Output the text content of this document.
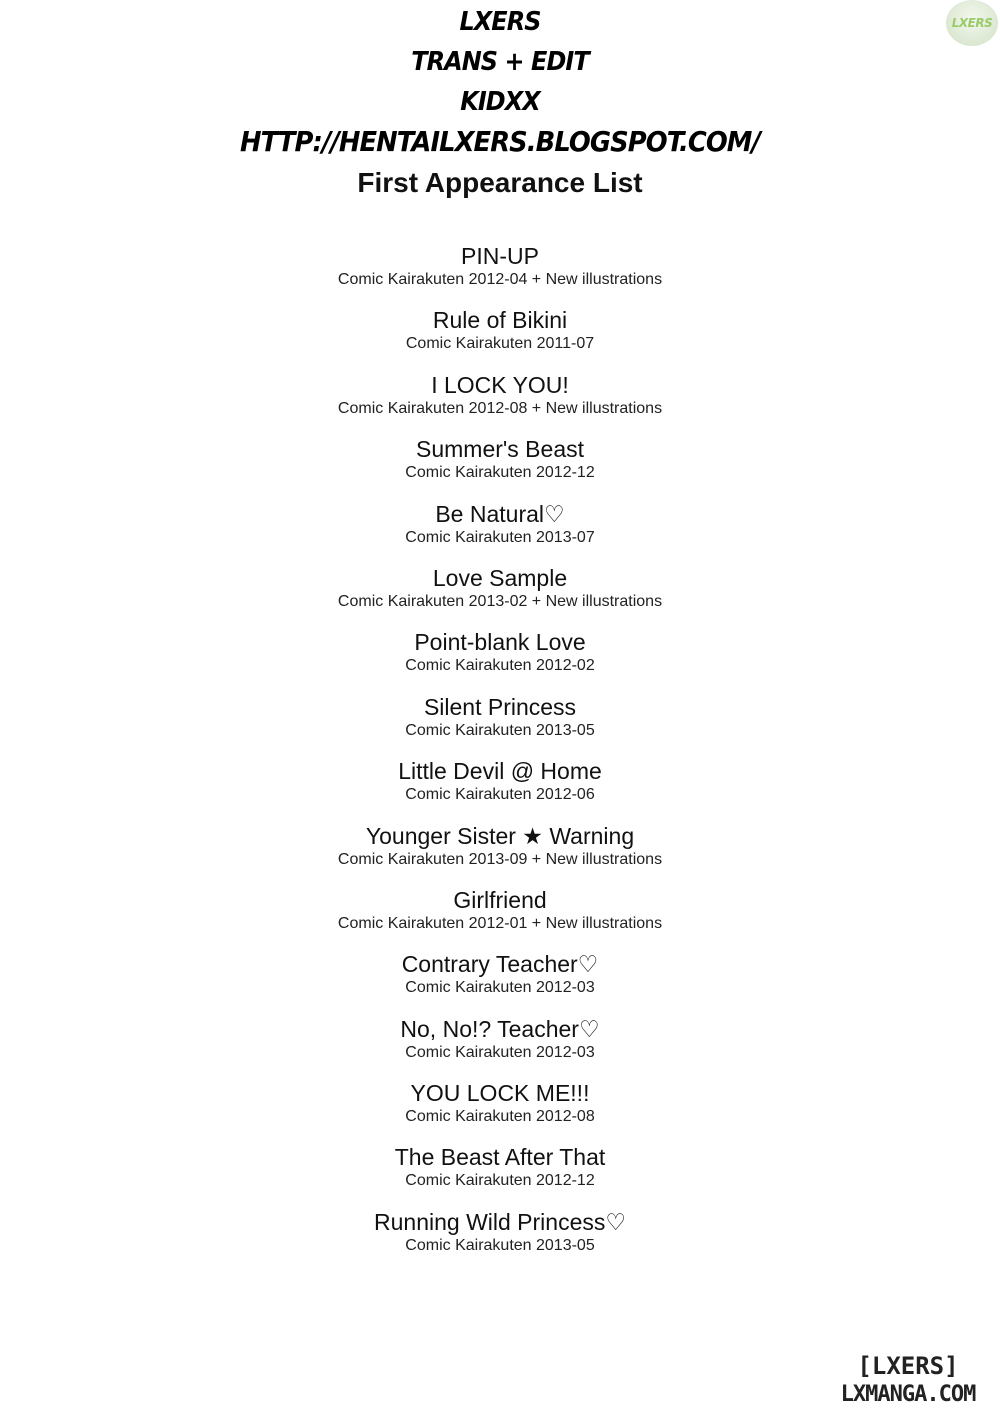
LXERS
LXERS
TRANS + EDIT
KIDXX
HTTP://HENTAILXERS.BLOGSPOT.COM/
First Appearance List
PIN-UP
Comic Kairakuten 2012-04 + New illustrations
Rule of Bikini
Comic Kairakuten 2011-07
I LOCK YOU!
Comic Kairakuten 2012-08 + New illustrations
Summer's Beast
Comic Kairakuten 2012-12
Be Natural♡
Comic Kairakuten 2013-07
Love Sample
Comic Kairakuten 2013-02 + New illustrations
Point-blank Love
Comic Kairakuten 2012-02
Silent Princess
Comic Kairakuten 2013-05
Little Devil @ Home
Comic Kairakuten 2012-06
Younger Sister ★ Warning
Comic Kairakuten 2013-09 + New illustrations
Girlfriend
Comic Kairakuten 2012-01 + New illustrations
Contrary Teacher♡
Comic Kairakuten 2012-03
No, No!? Teacher♡
Comic Kairakuten 2012-03
YOU LOCK ME!!!
Comic Kairakuten 2012-08
The Beast After That
Comic Kairakuten 2012-12
Running Wild Princess♡
Comic Kairakuten 2013-05
[LXERS]
LXMANGA.COM
